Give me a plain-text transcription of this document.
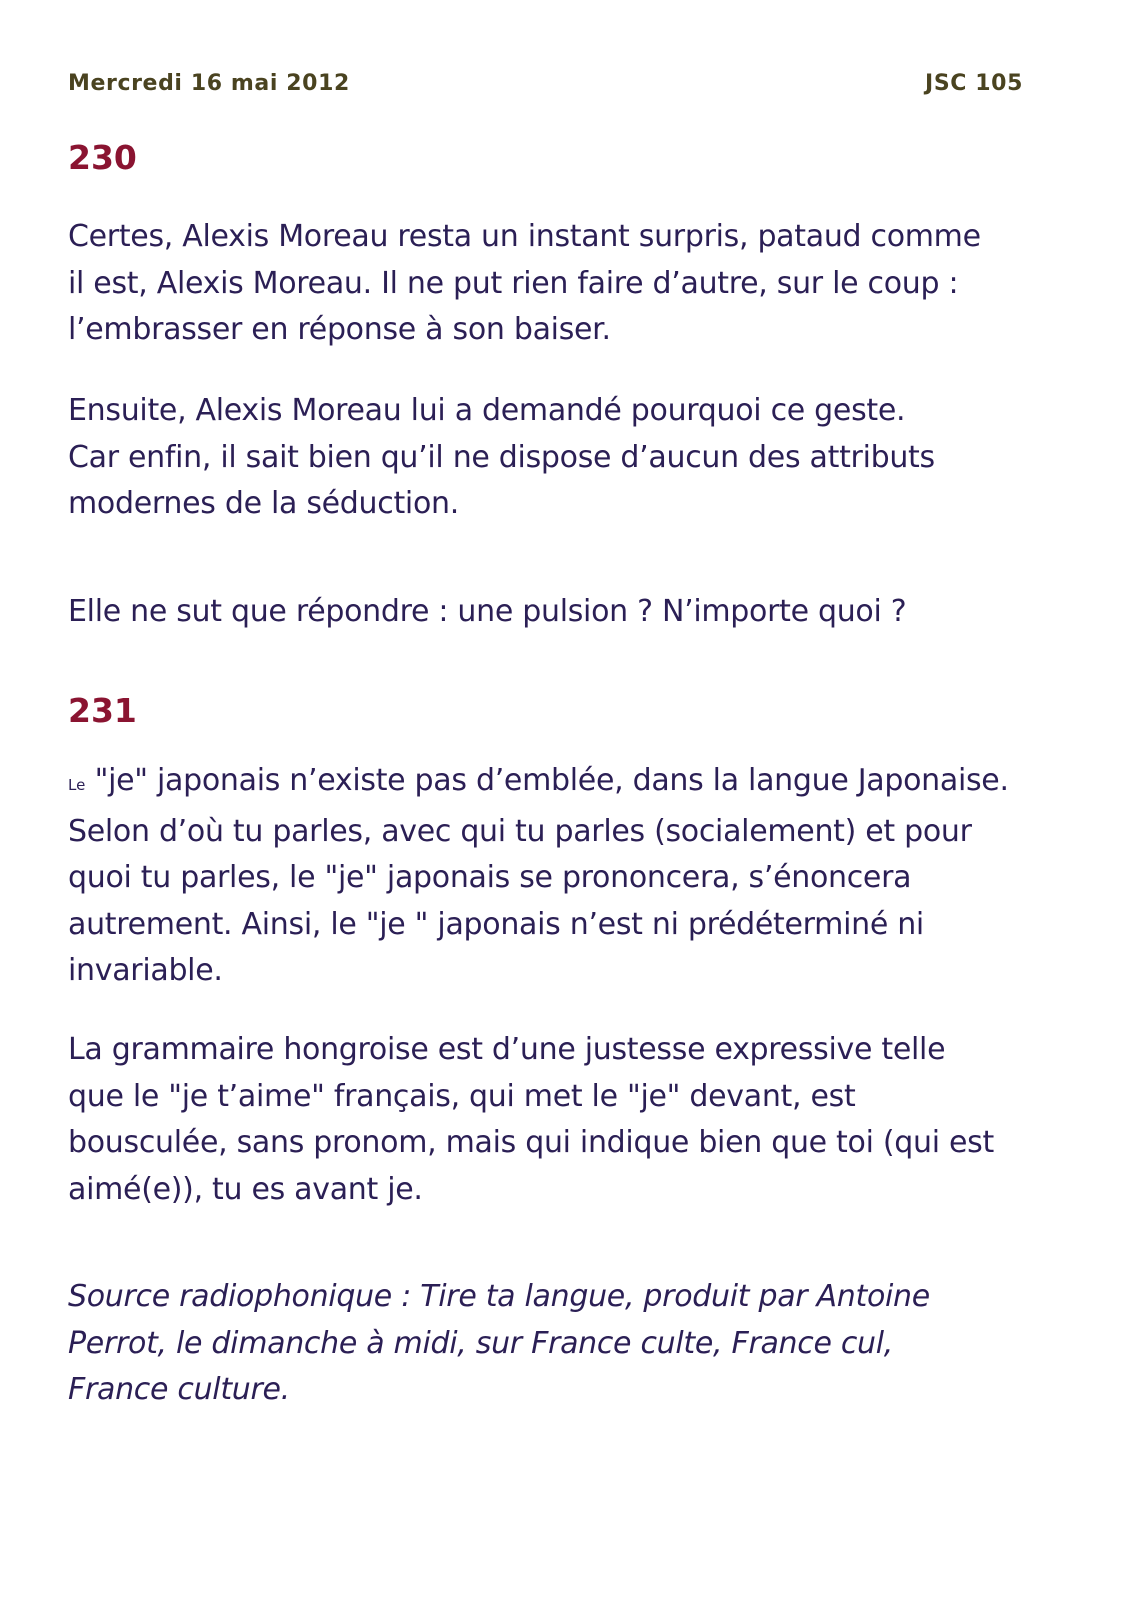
Mercredi 16 mai 2012	JSC 105
230

Certes, Alexis Moreau resta un instant surpris, pataud comme
il est, Alexis Moreau. Il ne put rien faire d’autre, sur le coup :
l’embrasser en réponse à son baiser.

Ensuite, Alexis Moreau lui a demandé pourquoi ce geste.
Car enfin, il sait bien qu’il ne dispose d’aucun des attributs
modernes de la séduction.

Elle ne sut que répondre : une pulsion ? N’importe quoi ?

231

Le "je" japonais n’existe pas d’emblée, dans la langue Japonaise.
Selon d’où tu parles, avec qui tu parles (socialement) et pour
quoi tu parles, le "je" japonais se prononcera, s’énoncera
autrement. Ainsi, le "je " japonais n’est ni prédéterminé ni
invariable.

La grammaire hongroise est d’une justesse expressive telle
que le "je t’aime" français, qui met le "je" devant, est
bousculée, sans pronom, mais qui indique bien que toi (qui est
aimé(e)), tu es avant je.

Source radiophonique : Tire ta langue, produit par Antoine
Perrot, le dimanche à midi, sur France culte, France cul,
France culture.
